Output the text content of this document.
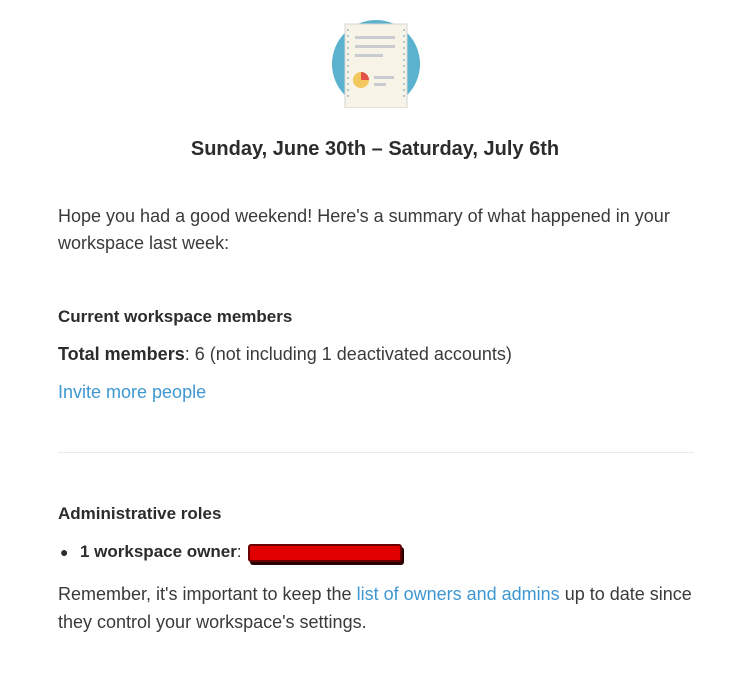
Sunday, June 30th – Saturday, July 6th

Hope you had a good weekend! Here's a summary of what happened in your workspace last week:

Current workspace members
Total members: 6 (not including 1 deactivated accounts)
Invite more people
Administrative roles
● 1 workspace owner :

Remember, it's important to keep the list of owners and admins up to date since they control your workspace's settings.
